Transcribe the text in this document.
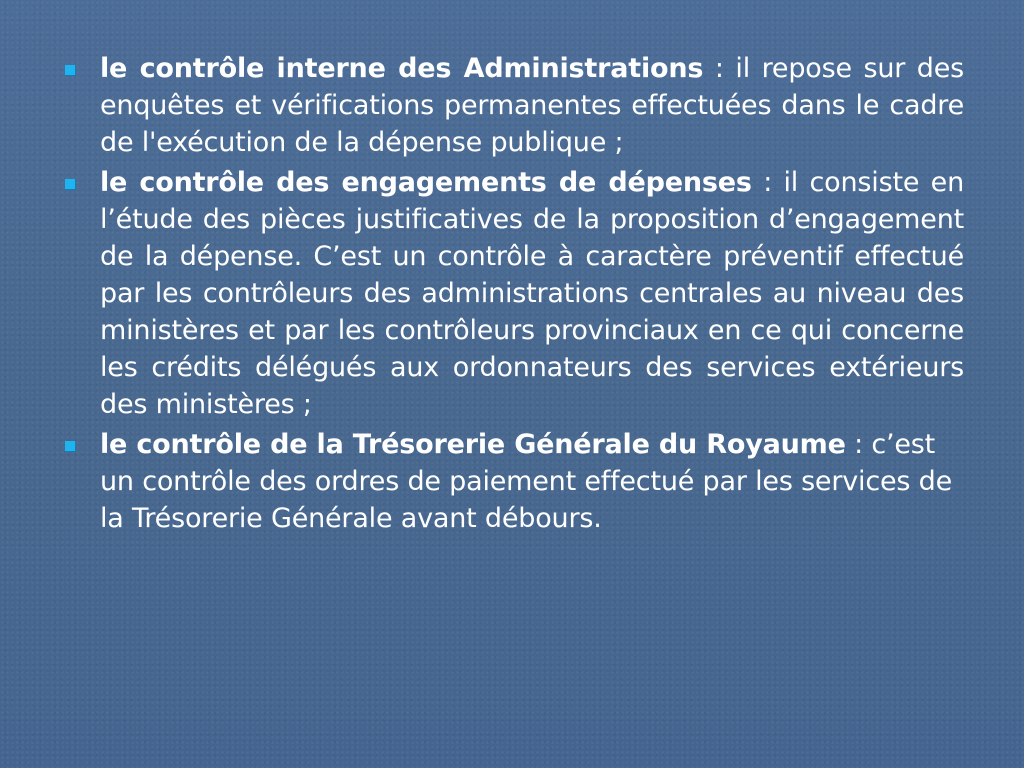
le contrôle interne des Administrations : il repose sur des enquêtes et vérifications permanentes effectuées dans le cadre de l'exécution de la dépense publique ;
le contrôle des engagements de dépenses : il consiste en l’étude des pièces justificatives de la proposition d’engagement de la dépense. C’est un contrôle à caractère préventif effectué par les contrôleurs des administrations centrales au niveau des ministères et par les contrôleurs provinciaux en ce qui concerne les crédits délégués aux ordonnateurs des services extérieurs des ministères ;
le contrôle de la Trésorerie Générale du Royaume : c’est un contrôle des ordres de paiement effectué par les services de la Trésorerie Générale avant débours.
